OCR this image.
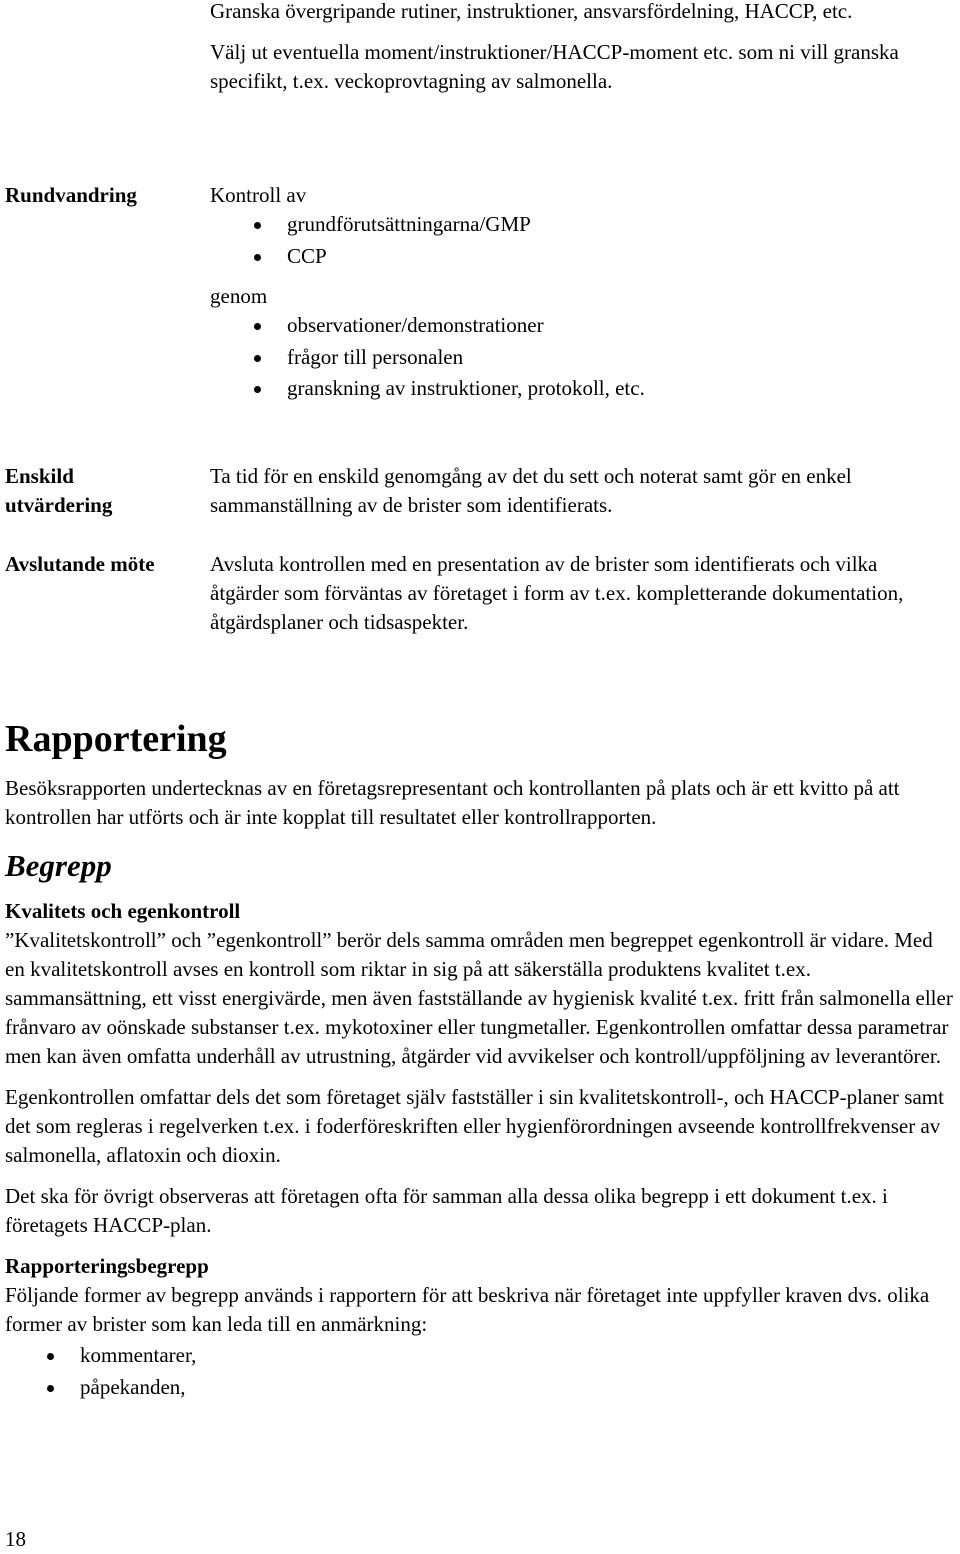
Granska övergripande rutiner, instruktioner, ansvarsfördelning, HACCP, etc.

Välj ut eventuella moment/instruktioner/HACCP-moment etc. som ni vill granska specifikt, t.ex. veckoprovtagning av salmonella.

Rundvandring	Kontroll av

grundförutsättningarna/GMP
CCP

genom

observationer/demonstrationer
frågor till personalen
granskning av instruktioner, protokoll, etc.
Enskild utvärdering
Ta tid för en enskild genomgång av det du sett och noterat samt gör en enkel sammanställning av de brister som identifierats.
Avslutande möte	Avsluta kontrollen med en presentation av de brister som identifierats och vilka åtgärder som förväntas av företaget i form av t.ex. kompletterande dokumentation, åtgärdsplaner och tidsaspekter.
Rapportering
Besöksrapporten undertecknas av en företagsrepresentant och kontrollanten på plats och är ett kvitto på att kontrollen har utförts och är inte kopplat till resultatet eller kontrollrapporten.
Begrepp

Kvalitets och egenkontroll

”Kvalitetskontroll” och ”egenkontroll” berör dels samma områden men begreppet egenkontroll är vidare. Med en kvalitetskontroll avses en kontroll som riktar in sig på att säkerställa produktens kvalitet t.ex. sammansättning, ett visst energivärde, men även fastställande av hygienisk kvalité t.ex. fritt från salmonella eller frånvaro av oönskade substanser t.ex. mykotoxiner eller tungmetaller. Egenkontrollen omfattar dessa parametrar men kan även omfatta underhåll av utrustning, åtgärder vid avvikelser och kontroll/uppföljning av leverantörer.

Egenkontrollen omfattar dels det som företaget själv fastställer i sin kvalitetskontroll-, och HACCP-planer samt det som regleras i regelverken t.ex. i foderföreskriften eller hygienförordningen avseende kontrollfrekvenser av salmonella, aflatoxin och dioxin.

Det ska för övrigt observeras att företagen ofta för samman alla dessa olika begrepp i ett dokument t.ex. i företagets HACCP-plan.

Rapporteringsbegrepp

Följande former av begrepp används i rapportern för att beskriva när företaget inte uppfyller kraven dvs. olika former av brister som kan leda till en anmärkning:

kommentarer,
påpekanden,
18
